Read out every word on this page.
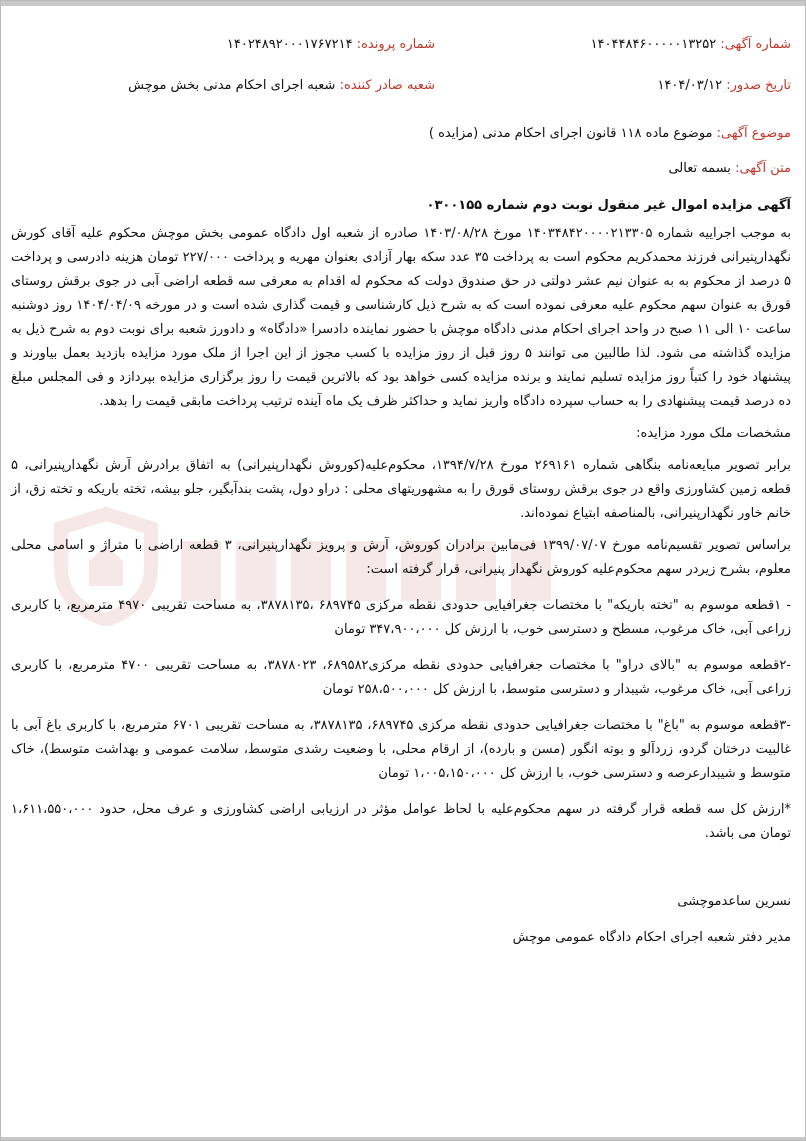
شماره آگهی: ۱۴۰۴۴۸۴۶۰۰۰۰۰۱۳۲۵۲
شماره پرونده: ۱۴۰۲۴۸۹۲۰۰۰۱۷۶۷۲۱۴
تاریخ صدور: ۱۴۰۴/۰۳/۱۲
شعبه صادر کننده: شعبه اجرای احکام مدنی بخش موچش
موضوع آگهی: موضوع ماده ۱۱۸ قانون اجرای احکام مدنی (مزایده )
متن آگهی: بسمه تعالی

آگهی مزایده اموال غیر منقول نوبت دوم شماره ۰۳۰۰۱۵۵

به موجب اجراییه شماره ۱۴۰۳۴۸۴۲۰۰۰۰۲۱۳۳۰۵ مورخ ۱۴۰۳/۰۸/۲۸ صادره از شعبه اول دادگاه عمومی بخش موچش محکوم علیه آقای کورش نگهدارپنیرانی فرزند محمدکریم محکوم است به پرداخت ۳۵ عدد سکه بهار آزادی بعنوان مهریه و پرداخت ۲۲۷/۰۰۰ تومان هزینه دادرسی و پرداخت ۵ درصد از محکوم به به عنوان نیم عشر دولتی در حق صندوق دولت که محکوم له اقدام به معرفی سه قطعه اراضی آبی در جوی برقش روستای قورق به عنوان سهم محکوم علیه معرفی نموده است که به شرح ذیل کارشناسی و قیمت گذاری شده است و در مورخه ۱۴۰۴/۰۴/۰۹ روز دوشنبه ساعت ۱۰ الی ۱۱ صبح در واحد اجرای احکام مدنی دادگاه موچش با حضور نماینده دادسرا «دادگاه» و دادورز شعبه برای نوبت دوم به شرح ذیل به مزایده گذاشته می شود. لذا طالبین می توانند ۵ روز قبل از روز مزایده با کسب مجوز از این اجرا از ملک مورد مزایده بازدید بعمل بیاورند و پیشنهاد خود را کتباً روز مزایده تسلیم نمایند و برنده مزایده کسی خواهد بود که بالاترین قیمت را روز برگزاری مزایده بپردازد و فی المجلس مبلغ ده درصد قیمت پیشنهادی را به حساب سپرده دادگاه واریز نماید و حداکثر ظرف یک ماه آینده ترتیب پرداخت مابقی قیمت را بدهد.

مشخصات ملک مورد مزایده:

برابر تصویر مبایعه‌نامه بنگاهی شماره ۲۶۹۱۶۱ مورخ ۱۳۹۴/۷/۲۸، محکوم‌علیه(کوروش نگهدارپنیرانی) به اتفاق برادرش آرش نگهدارپنیرانی، ۵ قطعه زمین کشاورزی واقع در جوی برقش روستای قورق را به مشهوریتهای محلی : دراو دول، پشت بندآبگیر، جلو بیشه، تخته باریکه و تخته زق، از خانم خاور نگهدارپنیرانی، بالمناصفه ابتیاع نموده‌اند.

براساس تصویر تقسیم‌نامه مورخ ۱۳۹۹/۰۷/۰۷ فی‌مابین برادران کوروش، آرش و پرویز نگهدارپنیرانی، ۳ قطعه اراضی با متراژ و اسامی محلی معلوم، بشرح زیردر سهم محکوم‌علیه کوروش نگهدار پنیرانی، قرار گرفته است:

- ۱قطعه موسوم به "تخته باریکه" با مختصات جغرافیایی حدودی نقطه مرکزی ۶۸۹۷۴۵ ،۳۸۷۸۱۳۵، به مساحت تقریبی ۴۹۷۰ مترمربع، با کاربری زراعی آبی، خاک مرغوب، مسطح و دسترسی خوب، با ارزش کل ۳۴۷،۹۰۰،۰۰۰ تومان

-۲قطعه موسوم به "بالای دراو" با مختصات جغرافیایی حدودی نقطه مرکزی۶۸۹۵۸۲، ۳۸۷۸۰۲۳، به مساحت تقریبی ۴۷۰۰ مترمربع، با کاربری زراعی آبی، خاک مرغوب، شیبدار و دسترسی متوسط، با ارزش کل ۲۵۸،۵۰۰،۰۰۰ تومان

-۳قطعه موسوم به "باغ" با مختصات جغرافیایی حدودی نقطه مرکزی ۶۸۹۷۴۵، ۳۸۷۸۱۳۵، به مساحت تقریبی ۶۷۰۱ مترمربع، با کاربری باغ آبی با غالبیت درختان گردو، زردآلو و بوته انگور (مسن و بارده)، از ارقام محلی، با وضعیت رشدی متوسط، سلامت عمومی و بهداشت متوسط)، خاک متوسط و شیبدارعرصه و دسترسی خوب، با ارزش کل ۱،۰۰۵،۱۵۰،۰۰۰ تومان

*ارزش کل سه قطعه قرار گرفته در سهم محکوم‌علیه با لحاظ عوامل مؤثر در ارزیابی اراضی کشاورزی و عرف محل، حدود ۱،۶۱۱،۵۵۰،۰۰۰ تومان می باشد.

نسرین ساعدموچشی

مدیر دفتر شعبه اجرای احکام دادگاه عمومی موچش
